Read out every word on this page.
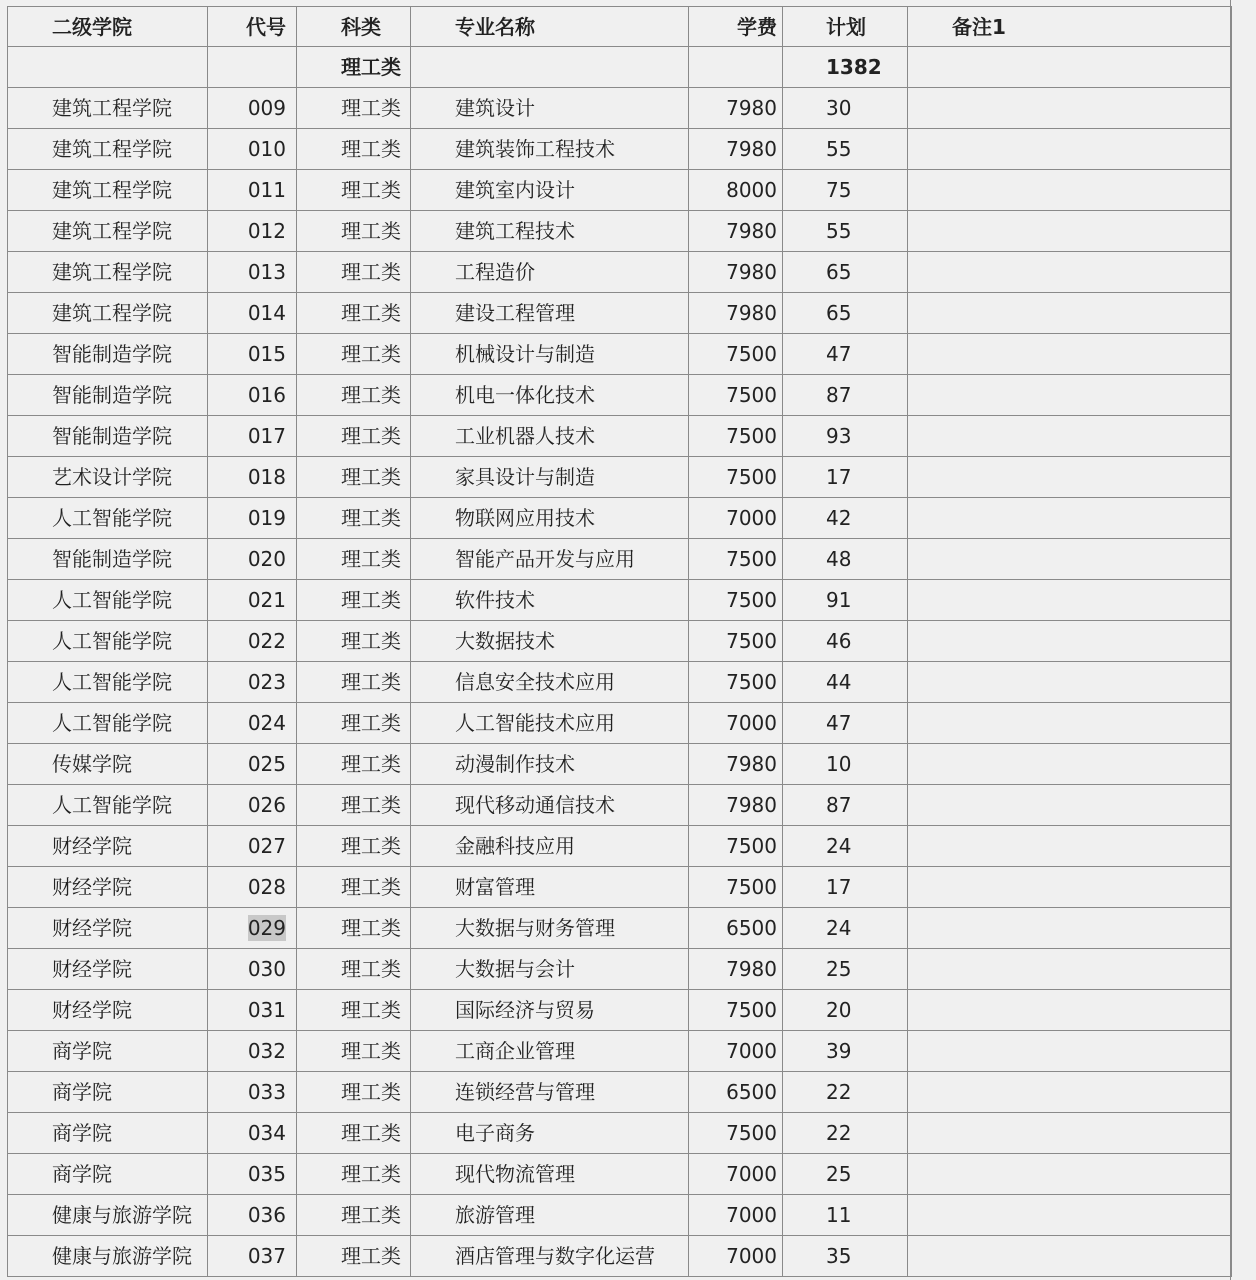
二级学院	代号	科类	专业名称	学费	计划	备注1
		理工类			1382	
建筑工程学院	009	理工类	建筑设计	7980	30	
建筑工程学院	010	理工类	建筑装饰工程技术	7980	55	
建筑工程学院	011	理工类	建筑室内设计	8000	75	
建筑工程学院	012	理工类	建筑工程技术	7980	55	
建筑工程学院	013	理工类	工程造价	7980	65	
建筑工程学院	014	理工类	建设工程管理	7980	65	
智能制造学院	015	理工类	机械设计与制造	7500	47	
智能制造学院	016	理工类	机电一体化技术	7500	87	
智能制造学院	017	理工类	工业机器人技术	7500	93	
艺术设计学院	018	理工类	家具设计与制造	7500	17	
人工智能学院	019	理工类	物联网应用技术	7000	42	
智能制造学院	020	理工类	智能产品开发与应用	7500	48	
人工智能学院	021	理工类	软件技术	7500	91	
人工智能学院	022	理工类	大数据技术	7500	46	
人工智能学院	023	理工类	信息安全技术应用	7500	44	
人工智能学院	024	理工类	人工智能技术应用	7000	47	
传媒学院	025	理工类	动漫制作技术	7980	10	
人工智能学院	026	理工类	现代移动通信技术	7980	87	
财经学院	027	理工类	金融科技应用	7500	24	
财经学院	028	理工类	财富管理	7500	17	
财经学院	029	理工类	大数据与财务管理	6500	24	
财经学院	030	理工类	大数据与会计	7980	25	
财经学院	031	理工类	国际经济与贸易	7500	20	
商学院	032	理工类	工商企业管理	7000	39	
商学院	033	理工类	连锁经营与管理	6500	22	
商学院	034	理工类	电子商务	7500	22	
商学院	035	理工类	现代物流管理	7000	25	
健康与旅游学院	036	理工类	旅游管理	7000	11	
健康与旅游学院	037	理工类	酒店管理与数字化运营	7000	35	
